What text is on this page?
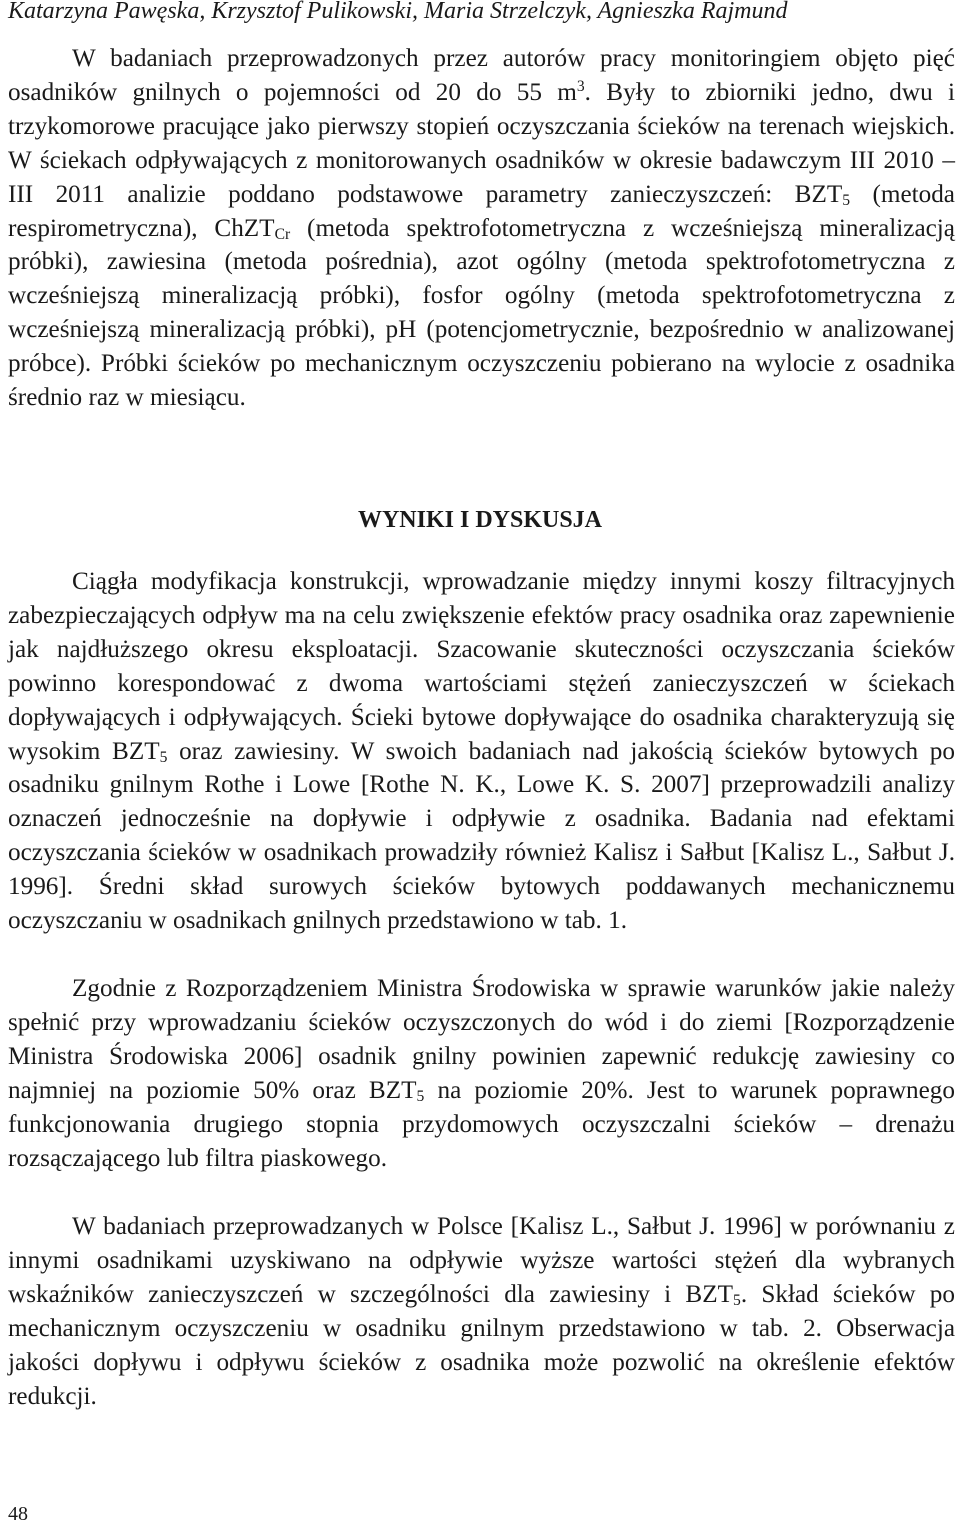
Katarzyna Pawęska, Krzysztof Pulikowski, Maria Strzelczyk, Agnieszka Rajmund

W badaniach przeprowadzonych przez autorów pracy monitoringiem objęto pięć osadników gnilnych o pojemności od 20 do 55 $m^3$. Były to zbiorniki jedno, dwu i trzykomorowe pracujące jako pierwszy stopień oczyszczania ścieków na terenach wiejskich. W ściekach odpływających z monitorowanych osadników w okresie badawczym III 2010 – III 2011 analizie poddano podstawowe parametry zanieczyszczeń: $BZT_5$ (metoda respirometryczna), ChZT$_{Cr}$ (metoda spektrofotometryczna z wcześniejszą mineralizacją próbki), zawiesina (metoda pośrednia), azot ogólny (metoda spektrofotometryczna z wcześniejszą mineralizacją próbki), fosfor ogólny (metoda spektrofotometryczna z wcześniejszą mineralizacją próbki), pH (potencjometrycznie, bezpośrednio w analizowanej próbce). Próbki ścieków po mechanicznym oczyszczeniu pobierano na wylocie z osadnika średnio raz w miesiącu.

WYNIKI I DYSKUSJA

Ciągła modyfikacja konstrukcji, wprowadzanie między innymi koszy filtracyjnych zabezpieczających odpływ ma na celu zwiększenie efektów pracy osadnika oraz zapewnienie jak najdłuższego okresu eksploatacji. Szacowanie skuteczności oczyszczania ścieków powinno korespondować z dwoma wartościami stężeń zanieczyszczeń w ściekach dopływających i odpływających. Ścieki bytowe dopływające do osadnika charakteryzują się wysokim $BZT_5$ oraz zawiesiny. W swoich badaniach nad jakością ścieków bytowych po osadniku gnilnym Rothe i Lowe [Rothe N. K., Lowe K. S. 2007] przeprowadzili analizy oznaczeń jednocześnie na dopływie i odpływie z osadnika. Badania nad efektami oczyszczania ścieków w osadnikach prowadziły również Kalisz i Sałbut [Kalisz L., Sałbut J. 1996]. Średni skład surowych ścieków bytowych poddawanych mechanicznemu oczyszczaniu w osadnikach gnilnych przedstawiono w tab. 1.

Zgodnie z Rozporządzeniem Ministra Środowiska w sprawie warunków jakie należy spełnić przy wprowadzaniu ścieków oczyszczonych do wód i do ziemi [Rozporządzenie Ministra Środowiska 2006] osadnik gnilny powinien zapewnić redukcję zawiesiny co najmniej na poziomie 50% oraz $BZT_5$ na poziomie 20%. Jest to warunek poprawnego funkcjonowania drugiego stopnia przydomowych oczyszczalni ścieków – drenażu rozsączającego lub filtra piaskowego.

W badaniach przeprowadzanych w Polsce [Kalisz L., Sałbut J. 1996] w porównaniu z innymi osadnikami uzyskiwano na odpływie wyższe wartości stężeń dla wybranych wskaźników zanieczyszczeń w szczególności dla zawiesiny i $BZT_5$. Skład ścieków po mechanicznym oczyszczeniu w osadniku gnilnym przedstawiono w tab. 2. Obserwacja jakości dopływu i odpływu ścieków z osadnika może pozwolić na określenie efektów redukcji.

48
